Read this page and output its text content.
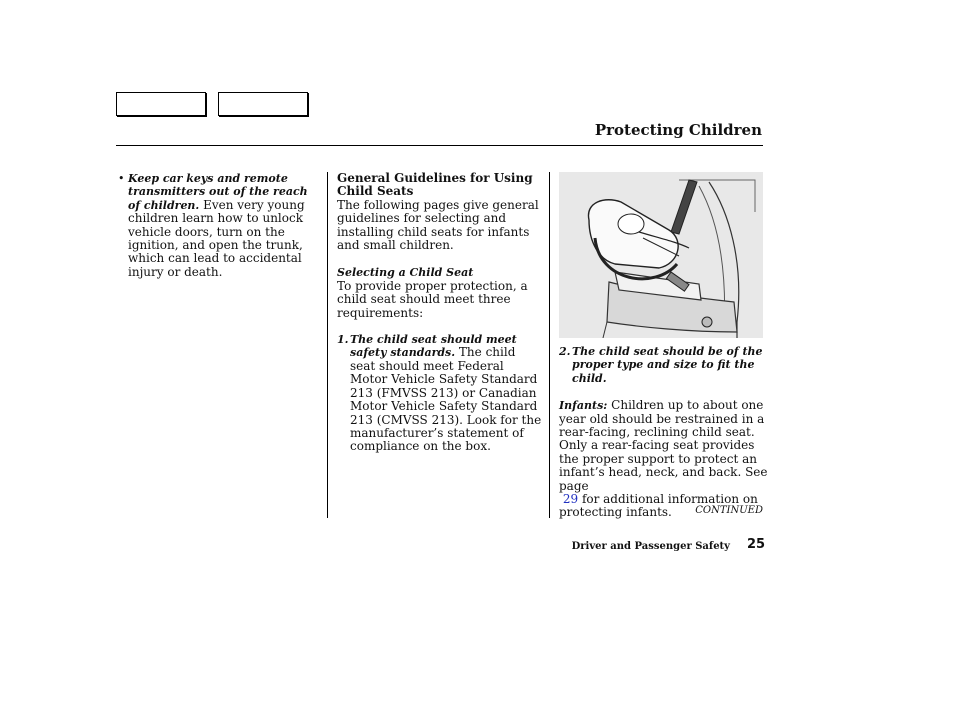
Protecting Children
• Keep car keys and remote transmitters out of the reach of children. Even very young children learn how to unlock vehicle doors, turn on the ignition, and open the trunk, which can lead to accidental injury or death.

General Guidelines for Using Child Seats

The following pages give general guidelines for selecting and installing child seats for infants and small children.

Selecting a Child Seat

To provide proper protection, a child seat should meet three requirements:

1. The child seat should meet safety standards. The child seat should meet Federal Motor Vehicle Safety Standard 213 (FMVSS 213) or Canadian Motor Vehicle Safety Standard 213 (CMVSS 213). Look for the manufacturer’s statement of compliance on the box.
2. The child seat should be of the proper type and size to fit the child.

Infants: Children up to about one year old should be restrained in a rear-facing, reclining child seat. Only a rear-facing seat provides the proper support to protect an infant’s head, neck, and back. See page
29 for additional information on protecting infants.	CONTINUED
Driver and Passenger Safety 25
